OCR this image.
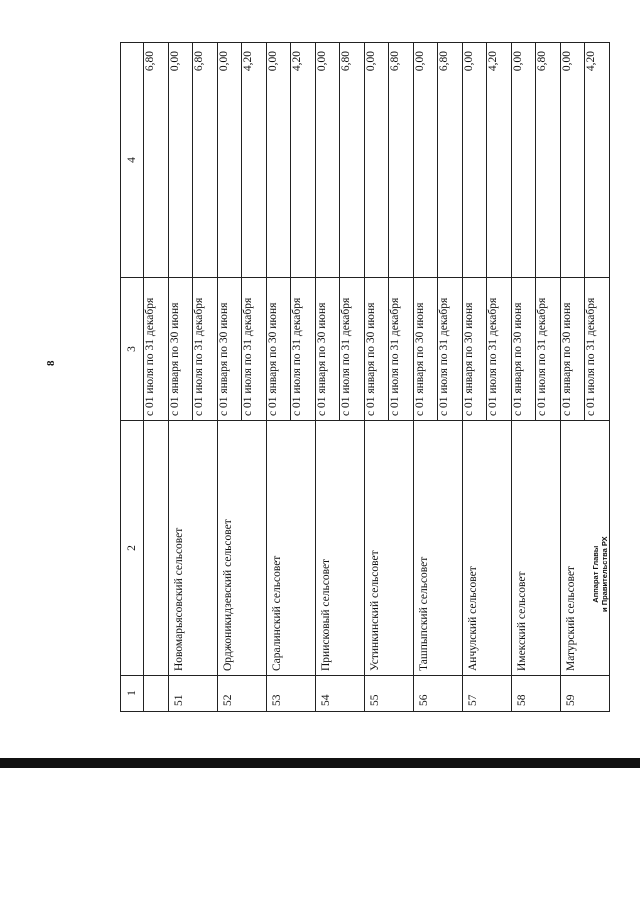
8
1	2	3	4
		с 01 июля по 31 декабря	6,80
51	Новомарьясовский сельсовет	с 01 января по 30 июня	0,00
		с 01 июля по 31 декабря	6,80
52	Орджоникидзевский сельсовет	с 01 января по 30 июня	0,00
		с 01 июля по 31 декабря	4,20
53	Саралинский сельсовет	с 01 января по 30 июня	0,00
		с 01 июля по 31 декабря	4,20
54	Приисковый сельсовет	с 01 января по 30 июня	0,00
		с 01 июля по 31 декабря	6,80
55	Устинкинский сельсовет	с 01 января по 30 июня	0,00
		с 01 июля по 31 декабря	6,80
56	Ташпыпский сельсовет	с 01 января по 30 июня	0,00
		с 01 июля по 31 декабря	6,80
57	Анчулский сельсовет	с 01 января по 30 июня	0,00
		с 01 июля по 31 декабря	4,20
58	Имекский сельсовет	с 01 января по 30 июня	0,00
		с 01 июля по 31 декабря	6,80
59	Матурский сельсовет	с 01 января по 30 июня	0,00
		с 01 июля по 31 декабря	4,20
Аппарат Главы и Правительства РХ
